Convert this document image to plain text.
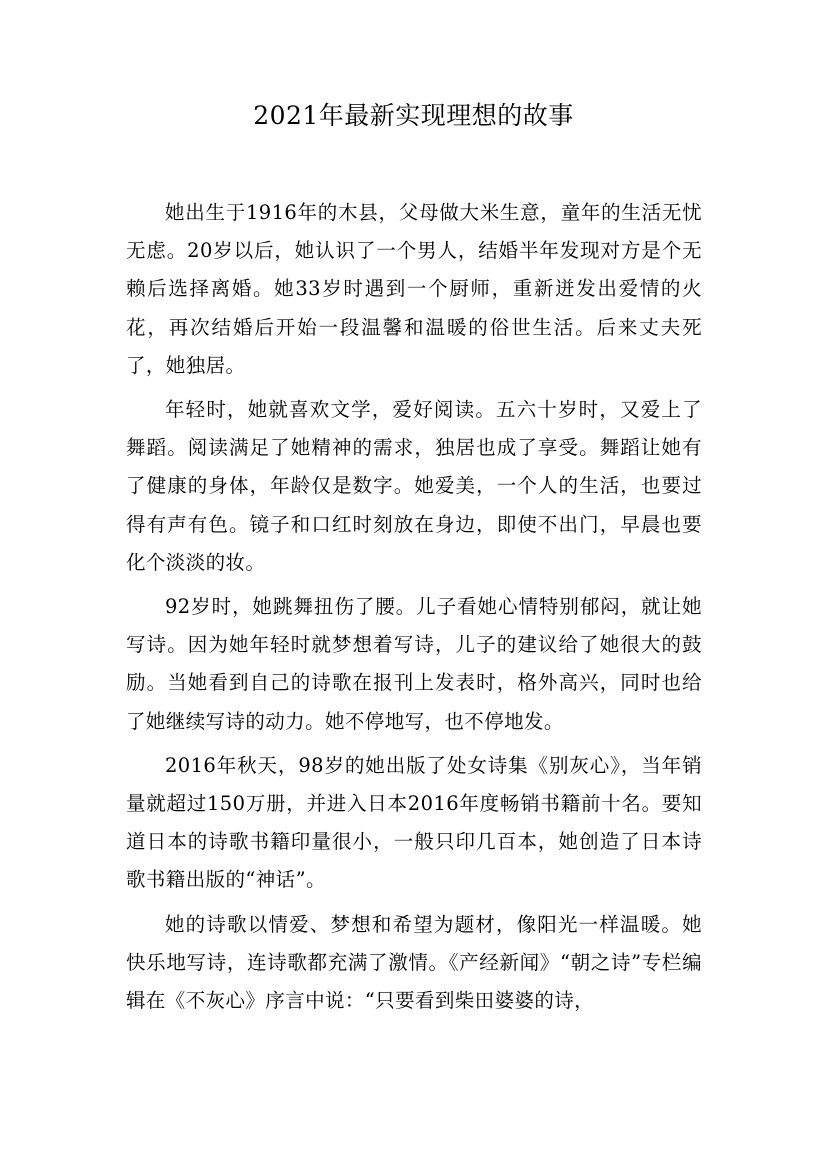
2021年最新实现理想的故事

她出生于1916年的木县，父母做大米生意，童年的生活无忧无虑。20岁以后，她认识了一个男人，结婚半年发现对方是个无赖后选择离婚。她33岁时遇到一个厨师，重新迸发出爱情的火花，再次结婚后开始一段温馨和温暖的俗世生活。后来丈夫死了，她独居。

年轻时，她就喜欢文学，爱好阅读。五六十岁时，又爱上了舞蹈。阅读满足了她精神的需求，独居也成了享受。舞蹈让她有了健康的身体，年龄仅是数字。她爱美，一个人的生活，也要过得有声有色。镜子和口红时刻放在身边，即使不出门，早晨也要化个淡淡的妆。

92岁时，她跳舞扭伤了腰。儿子看她心情特别郁闷，就让她写诗。因为她年轻时就梦想着写诗，儿子的建议给了她很大的鼓励。当她看到自己的诗歌在报刊上发表时，格外高兴，同时也给了她继续写诗的动力。她不停地写，也不停地发。

2016年秋天，98岁的她出版了处女诗集《别灰心》，当年销量就超过150万册，并进入日本2016年度畅销书籍前十名。要知道日本的诗歌书籍印量很小，一般只印几百本，她创造了日本诗歌书籍出版的“神话”。

她的诗歌以情爱、梦想和希望为题材，像阳光一样温暖。她快乐地写诗，连诗歌都充满了激情。《产经新闻》“朝之诗”专栏编辑在《不灰心》序言中说：“只要看到柴田婆婆的诗，
